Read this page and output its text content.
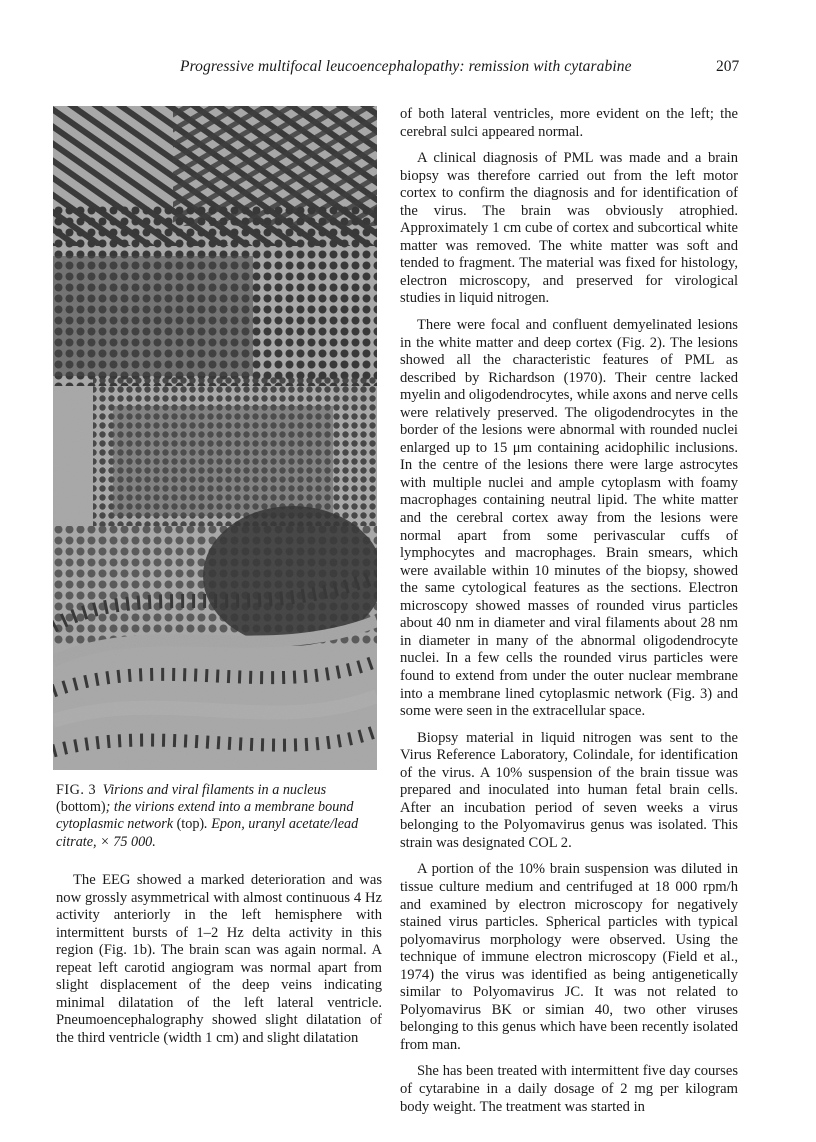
Progressive multifocal leucoencephalopathy: remission with cytarabine	207
FIG. 3 Virions and viral filaments in a nucleus (bottom); the virions extend into a membrane bound cytoplasmic network (top). Epon, uranyl acetate/lead citrate, × 75 000.

The EEG showed a marked deterioration and was now grossly asymmetrical with almost continuous 4 Hz activity anteriorly in the left hemisphere with intermittent bursts of 1–2 Hz delta activity in this region (Fig. 1b). The brain scan was again normal. A repeat left carotid angiogram was normal apart from slight displacement of the deep veins indicating minimal dilatation of the left lateral ventricle. Pneumoencephalography showed slight dilatation of the third ventricle (width 1 cm) and slight dilatation

of both lateral ventricles, more evident on the left; the cerebral sulci appeared normal.

A clinical diagnosis of PML was made and a brain biopsy was therefore carried out from the left motor cortex to confirm the diagnosis and for identification of the virus. The brain was obviously atrophied. Approximately 1 cm cube of cortex and subcortical white matter was removed. The white matter was soft and tended to fragment. The material was fixed for histology, electron microscopy, and preserved for virological studies in liquid nitrogen.

There were focal and confluent demyelinated lesions in the white matter and deep cortex (Fig. 2). The lesions showed all the characteristic features of PML as described by Richardson (1970). Their centre lacked myelin and oligodendrocytes, while axons and nerve cells were relatively preserved. The oligodendrocytes in the border of the lesions were abnormal with rounded nuclei enlarged up to 15 μm containing acidophilic inclusions. In the centre of the lesions there were large astrocytes with multiple nuclei and ample cytoplasm with foamy macrophages containing neutral lipid. The white matter and the cerebral cortex away from the lesions were normal apart from some perivascular cuffs of lymphocytes and macrophages. Brain smears, which were available within 10 minutes of the biopsy, showed the same cytological features as the sections. Electron microscopy showed masses of rounded virus particles about 40 nm in diameter and viral filaments about 28 nm in diameter in many of the abnormal oligodendrocyte nuclei. In a few cells the rounded virus particles were found to extend from under the outer nuclear membrane into a membrane lined cytoplasmic network (Fig. 3) and some were seen in the extracellular space.

Biopsy material in liquid nitrogen was sent to the Virus Reference Laboratory, Colindale, for identification of the virus. A 10% suspension of the brain tissue was prepared and inoculated into human fetal brain cells. After an incubation period of seven weeks a virus belonging to the Polyomavirus genus was isolated. This strain was designated COL 2.

A portion of the 10% brain suspension was diluted in tissue culture medium and centrifuged at 18 000 rpm/h and examined by electron microscopy for negatively stained virus particles. Spherical particles with typical polyomavirus morphology were observed. Using the technique of immune electron microscopy (Field et al., 1974) the virus was identified as being antigenetically similar to Polyomavirus JC. It was not related to Polyomavirus BK or simian 40, two other viruses belonging to this genus which have been recently isolated from man.

She has been treated with intermittent five day courses of cytarabine in a daily dosage of 2 mg per kilogram body weight. The treatment was started in
